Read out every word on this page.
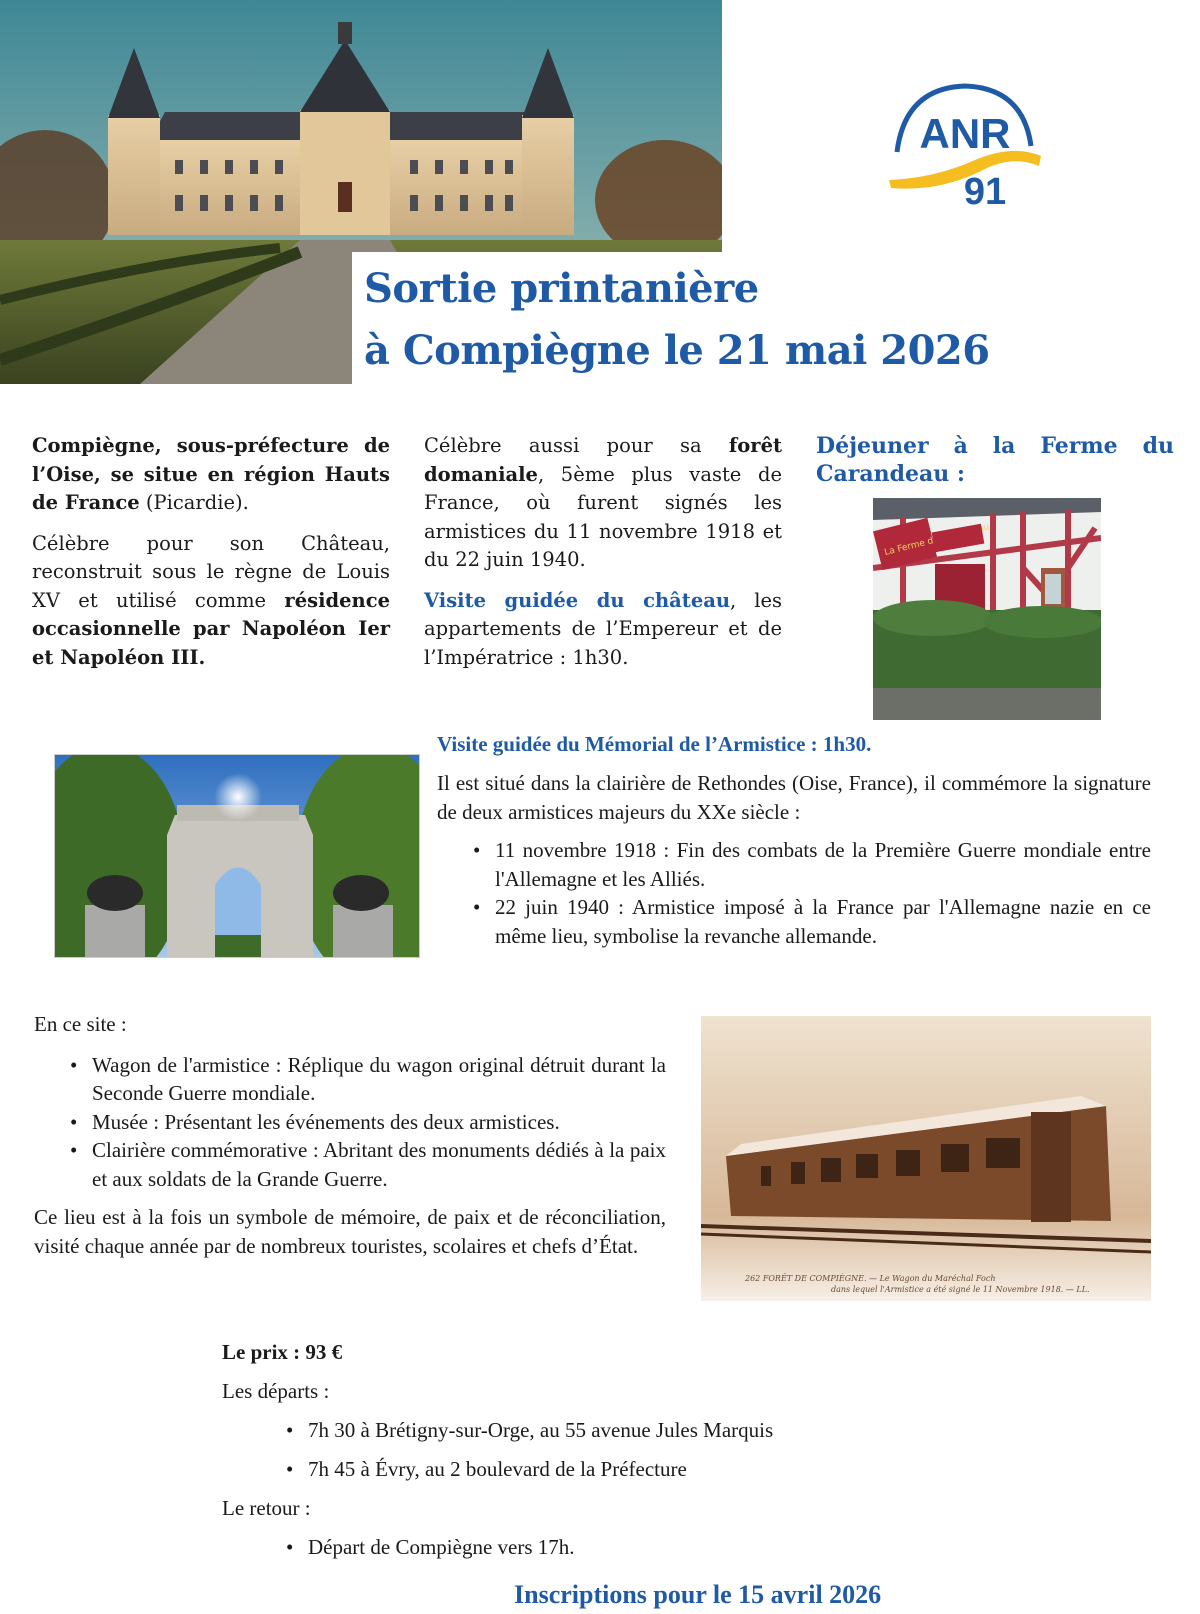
Sortie printanière
à Compiègne le 21 mai 2026
ANR
91

Compiègne, sous-préfecture de l’Oise, se situe en région Hauts de France (Picardie).

Célèbre pour son Château, reconstruit sous le règne de Louis XV et utilisé comme résidence occasionnelle par Napoléon Ier et Napoléon III.

Célèbre aussi pour sa forêt domaniale, 5ème plus vaste de France, où furent signés les armistices du 11 novembre 1918 et du 22 juin 1940.

Visite guidée du château, les appartements de l’Empereur et de l’Impératrice : 1h30.

Déjeuner à la Ferme du Carandeau :
La Ferme
Visite guidée du Mémorial de l’Armistice : 1h30.
Il est situé dans la clairière de Rethondes (Oise, France), il commémore la signature de deux armistices majeurs du XXe siècle :
• 11 novembre 1918 : Fin des combats de la Première Guerre mondiale entre l'Allemagne et les Alliés.
• 22 juin 1940 : Armistice imposé à la France par l'Allemagne nazie en ce même lieu, symbolise la revanche allemande.
En ce site :
• Wagon de l'armistice : Réplique du wagon original détruit durant la Seconde Guerre mondiale.
• Musée : Présentant les événements des deux armistices.
• Clairière commémorative : Abritant des monuments dédiés à la paix et aux soldats de la Grande Guerre.
Ce lieu est à la fois un symbole de mémoire, de paix et de réconciliation, visité chaque année par de nombreux touristes, scolaires et chefs d’État.
262 FORÊT DE COMPIÈGNE. — Le Wagon du Maréchal Foch
dans lequel l'Armistice a été signé le 11 Novembre 1918. — LL.
Le prix : 93 €
Les départs :
• 7h 30 à Brétigny-sur-Orge, au 55 avenue Jules Marquis
• 7h 45 à Évry, au 2 boulevard de la Préfecture
Le retour :
• Départ de Compiègne vers 17h.
Inscriptions pour le 15 avril 2026
